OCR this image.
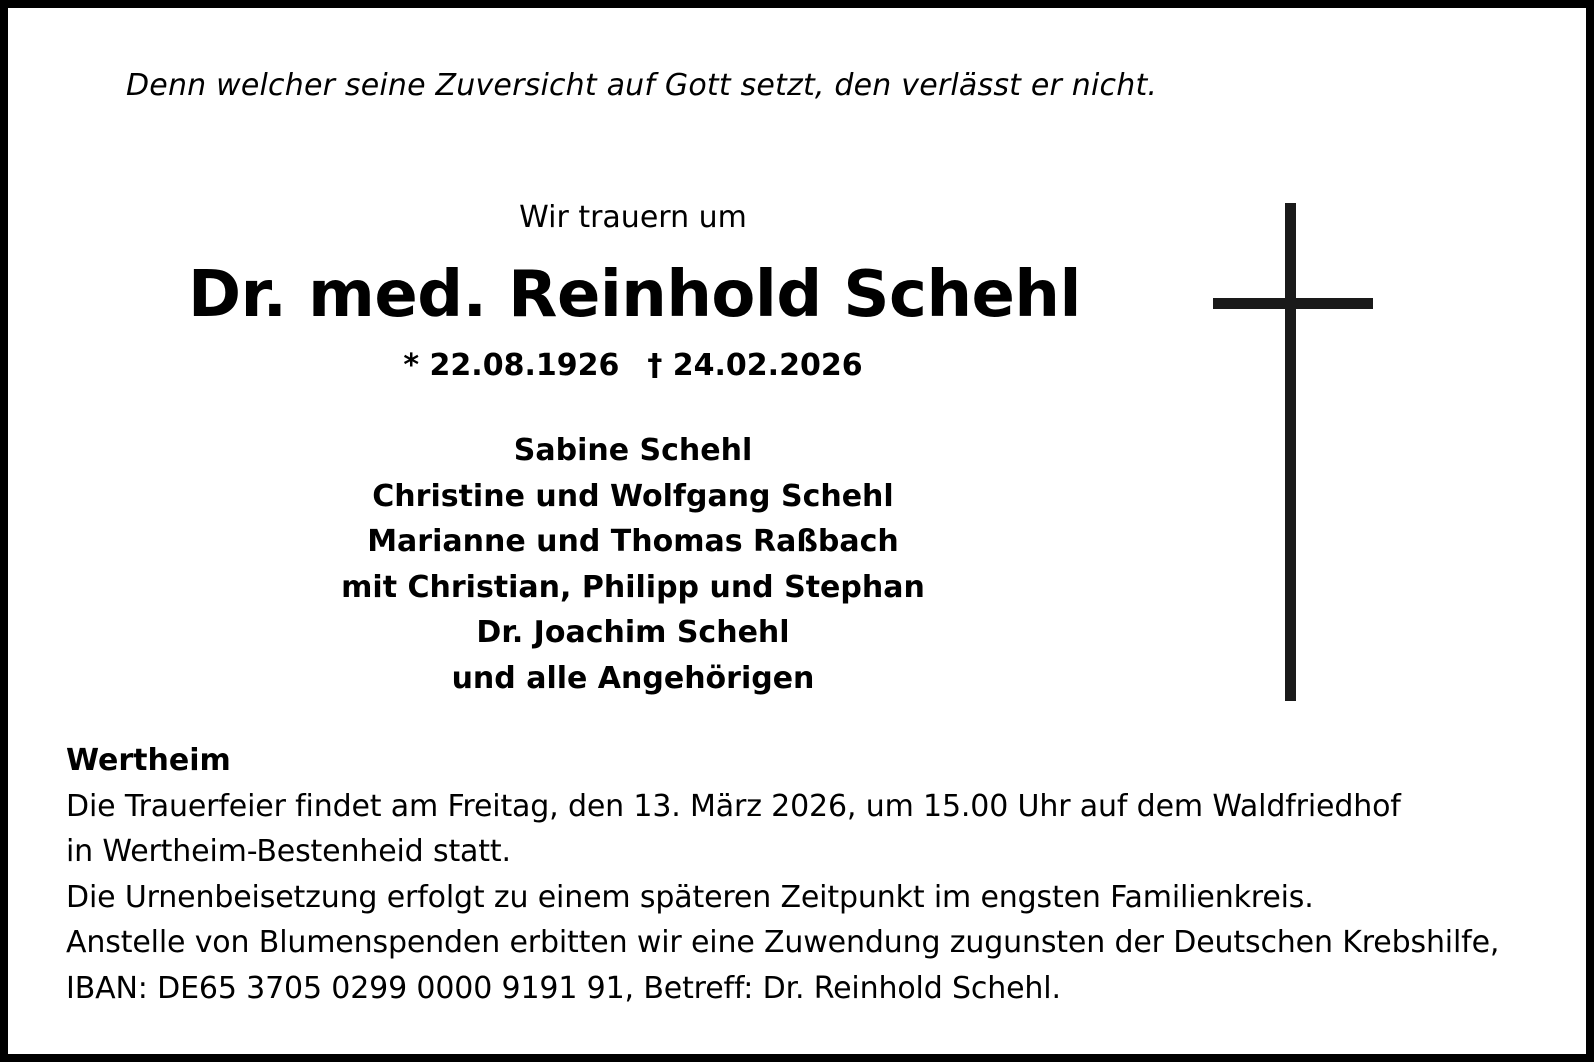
Denn welcher seine Zuversicht auf Gott setzt, den verlässt er nicht.
Wir trauern um
Dr. med. Reinhold Schehl
* 22.08.1926 † 24.02.2026
Sabine Schehl
Christine und Wolfgang Schehl
Marianne und Thomas Raßbach
mit Christian, Philipp und Stephan
Dr. Joachim Schehl
und alle Angehörigen
Wertheim
Die Trauerfeier findet am Freitag, den 13. März 2026, um 15.00 Uhr auf dem Waldfriedhof
in Wertheim-Bestenheid statt.
Die Urnenbeisetzung erfolgt zu einem späteren Zeitpunkt im engsten Familienkreis.
Anstelle von Blumenspenden erbitten wir eine Zuwendung zugunsten der Deutschen Krebshilfe,
IBAN: DE65 3705 0299 0000 9191 91, Betreff: Dr. Reinhold Schehl.
